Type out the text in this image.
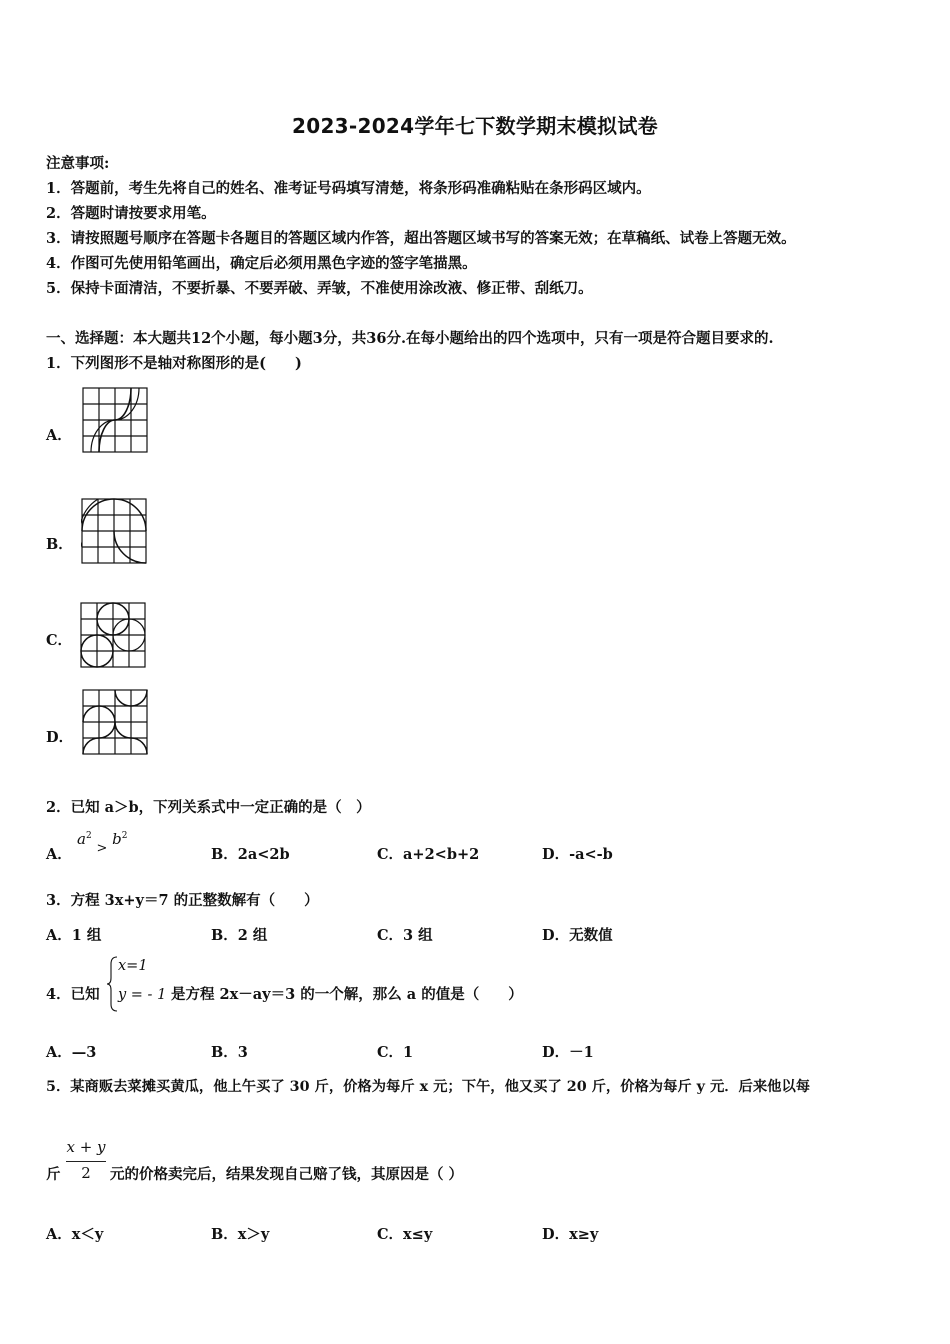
2023-2024学年七下数学期末模拟试卷
注意事项:
1．答题前，考生先将自己的姓名、准考证号码填写清楚，将条形码准确粘贴在条形码区域内。
2．答题时请按要求用笔。
3．请按照题号顺序在答题卡各题目的答题区域内作答，超出答题区域书写的答案无效；在草稿纸、试卷上答题无效。
4．作图可先使用铅笔画出，确定后必须用黑色字迹的签字笔描黑。
5．保持卡面清洁，不要折暴、不要弄破、弄皱，不准使用涂改液、修正带、刮纸刀。
一、选择题：本大题共12个小题，每小题3分，共36分.在每小题给出的四个选项中，只有一项是符合题目要求的.
1．下列图形不是轴对称图形的是(　　)
A．
B．
C．
D．
2．已知 a＞b，下列关系式中一定正确的是（　）
A．
$a^2 > b^2$
B．2a<2b	C．a+2<b+2	D．-a<-b
3．方程 3x+y＝7 的正整数解有（　　）
A．1 组	B．2 组	C．3 组	D．无数值
4．已知
x=1
y = - 1 是方程 2x－ay＝3 的一个解，那么 a 的值是（　　）
A．—3	B．3	C．1	D．－1
5．某商贩去菜摊买黄瓜，他上午买了 30 斤，价格为每斤 x 元；下午，他又买了 20 斤，价格为每斤 y 元．后来他以每
斤
x + y
2	元的价格卖完后，结果发现自己赔了钱，其原因是（ ）
A．x＜y	B．x＞y	C．x≤y	D．x≥y
